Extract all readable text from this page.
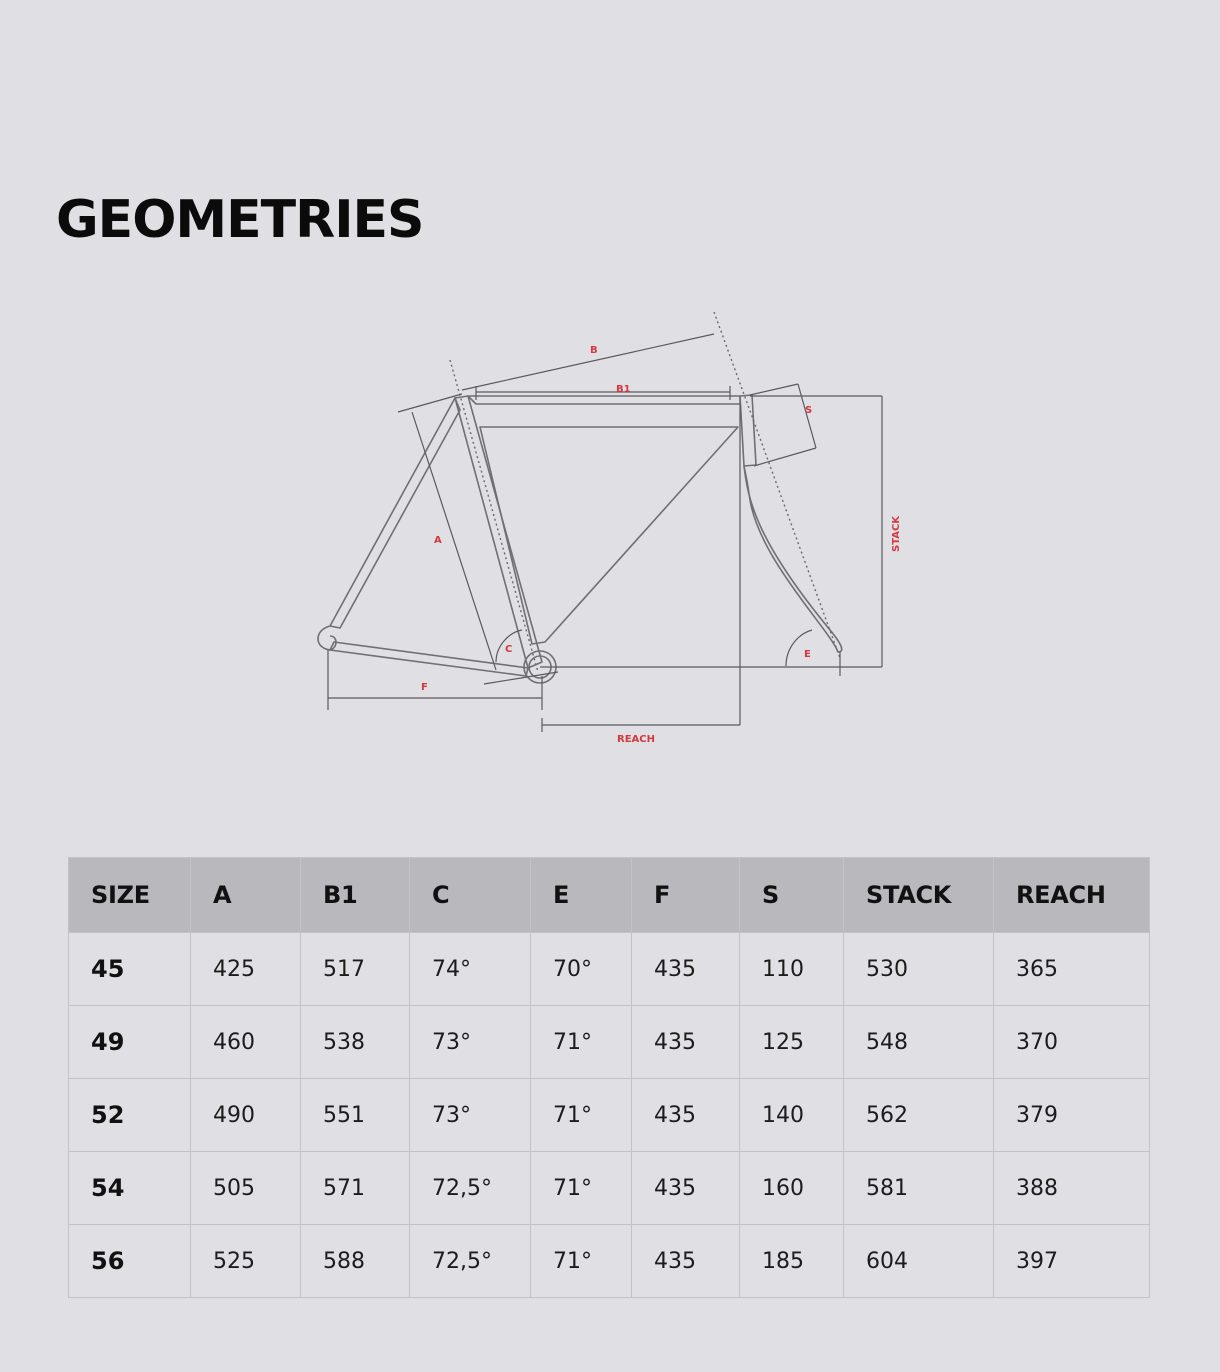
GEOMETRIES
B
B1
A
S
C	E
F
REACH
STACK
SIZE	A	B1	C	E	F	S	STACK	REACH
45	425	517	74°	70°	435	110	530	365
49	460	538	73°	71°	435	125	548	370
52	490	551	73°	71°	435	140	562	379
54	505	571	72,5°	71°	435	160	581	388
56	525	588	72,5°	71°	435	185	604	397
